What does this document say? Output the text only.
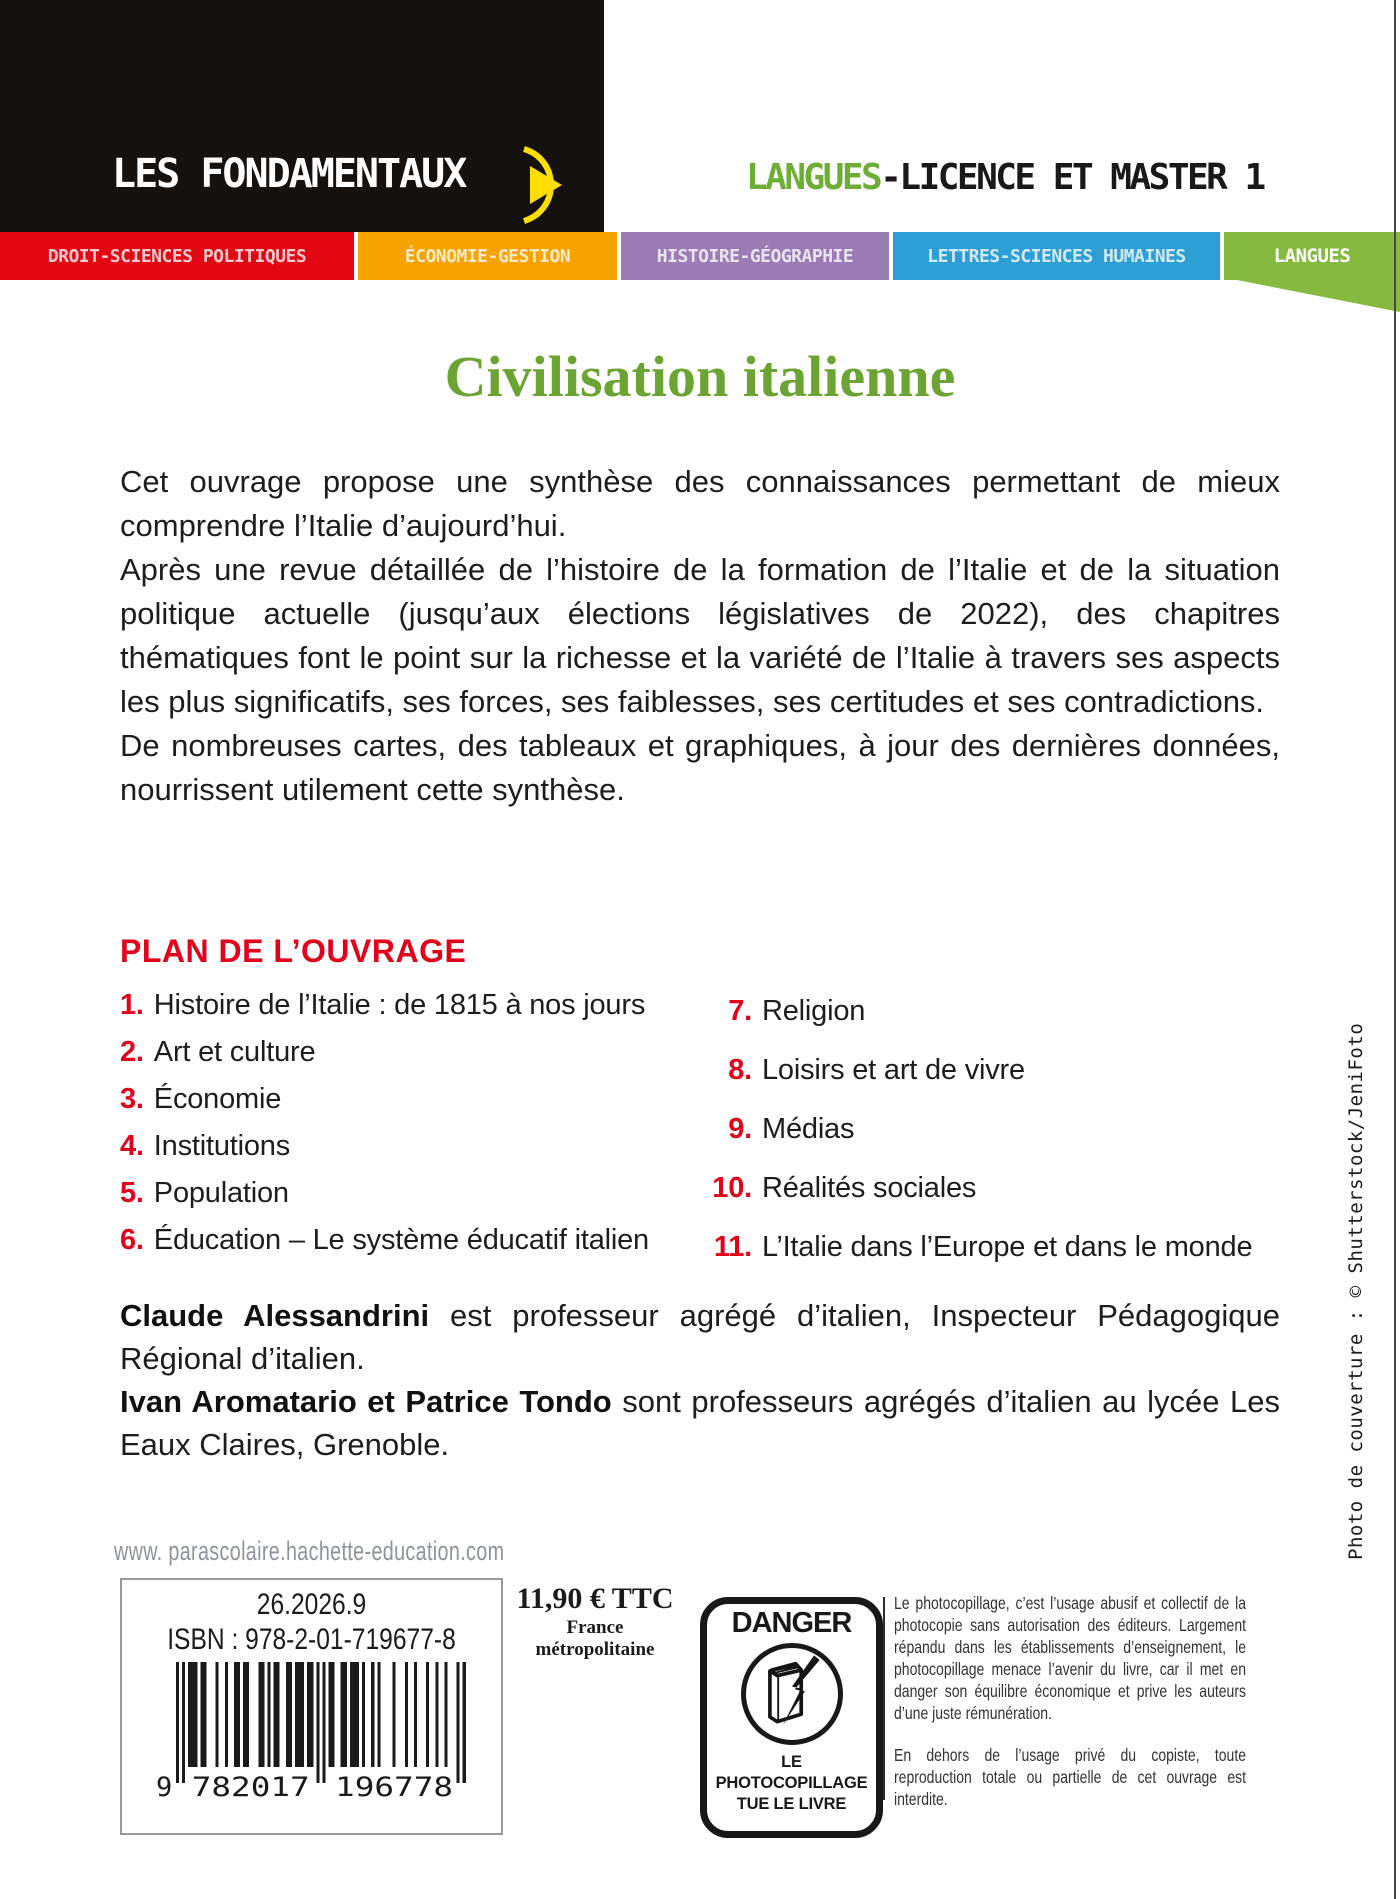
LES FONDAMENTAUX	LANGUES-LICENCE ET MASTER 1
DROIT-SCIENCES POLITIQUES	ÉCONOMIE-GESTION	HISTOIRE-GÉOGRAPHIE	LETTRES-SCIENCES HUMAINES	LANGUES
Civilisation italienne

Cet ouvrage propose une synthèse des connaissances permettant de mieux comprendre l’Italie d’aujourd’hui.

Après une revue détaillée de l’histoire de la formation de l’Italie et de la situation politique actuelle (jusqu’aux élections législatives de 2022), des chapitres thématiques font le point sur la richesse et la variété de l’Italie à travers ses aspects les plus significatifs, ses forces, ses faiblesses, ses certitudes et ses contradictions.

De nombreuses cartes, des tableaux et graphiques, à jour des dernières données, nourrissent utilement cette synthèse.

PLAN DE L’OUVRAGE
1. Histoire de l’Italie : de 1815 à nos jours
2. Art et culture
3. Économie
4. Institutions
5. Population
6. Éducation – Le système éducatif italien
7. Religion
8. Loisirs et art de vivre
9. Médias
10. Réalités sociales
11. L’Italie dans l’Europe et dans le monde

Claude Alessandrini est professeur agrégé d’italien, Inspecteur Pédagogique Régional d’italien.

Ivan Aromatario et Patrice Tondo sont professeurs agrégés d’italien au lycée Les Eaux Claires, Grenoble.

www. parascolaire.hachette-education.com
26.2026.9
ISBN : 978-2-01-719677-8
9 782017 196778
11,90 € TTC
France métropolitaine
DANGER
LE
PHOTOCOPILLAGE
TUE LE LIVRE

Le photocopillage, c’est l’usage abusif et collectif de la photocopie sans autorisation des éditeurs. Largement répandu dans les établissements d’enseignement, le photocopillage menace l’avenir du livre, car il met en danger son équilibre économique et prive les auteurs d’une juste rémunération.

En dehors de l’usage privé du copiste, toute reproduction totale ou partielle de cet ouvrage est interdite.

Photo de couverture : © Shutterstock/JeniFoto
